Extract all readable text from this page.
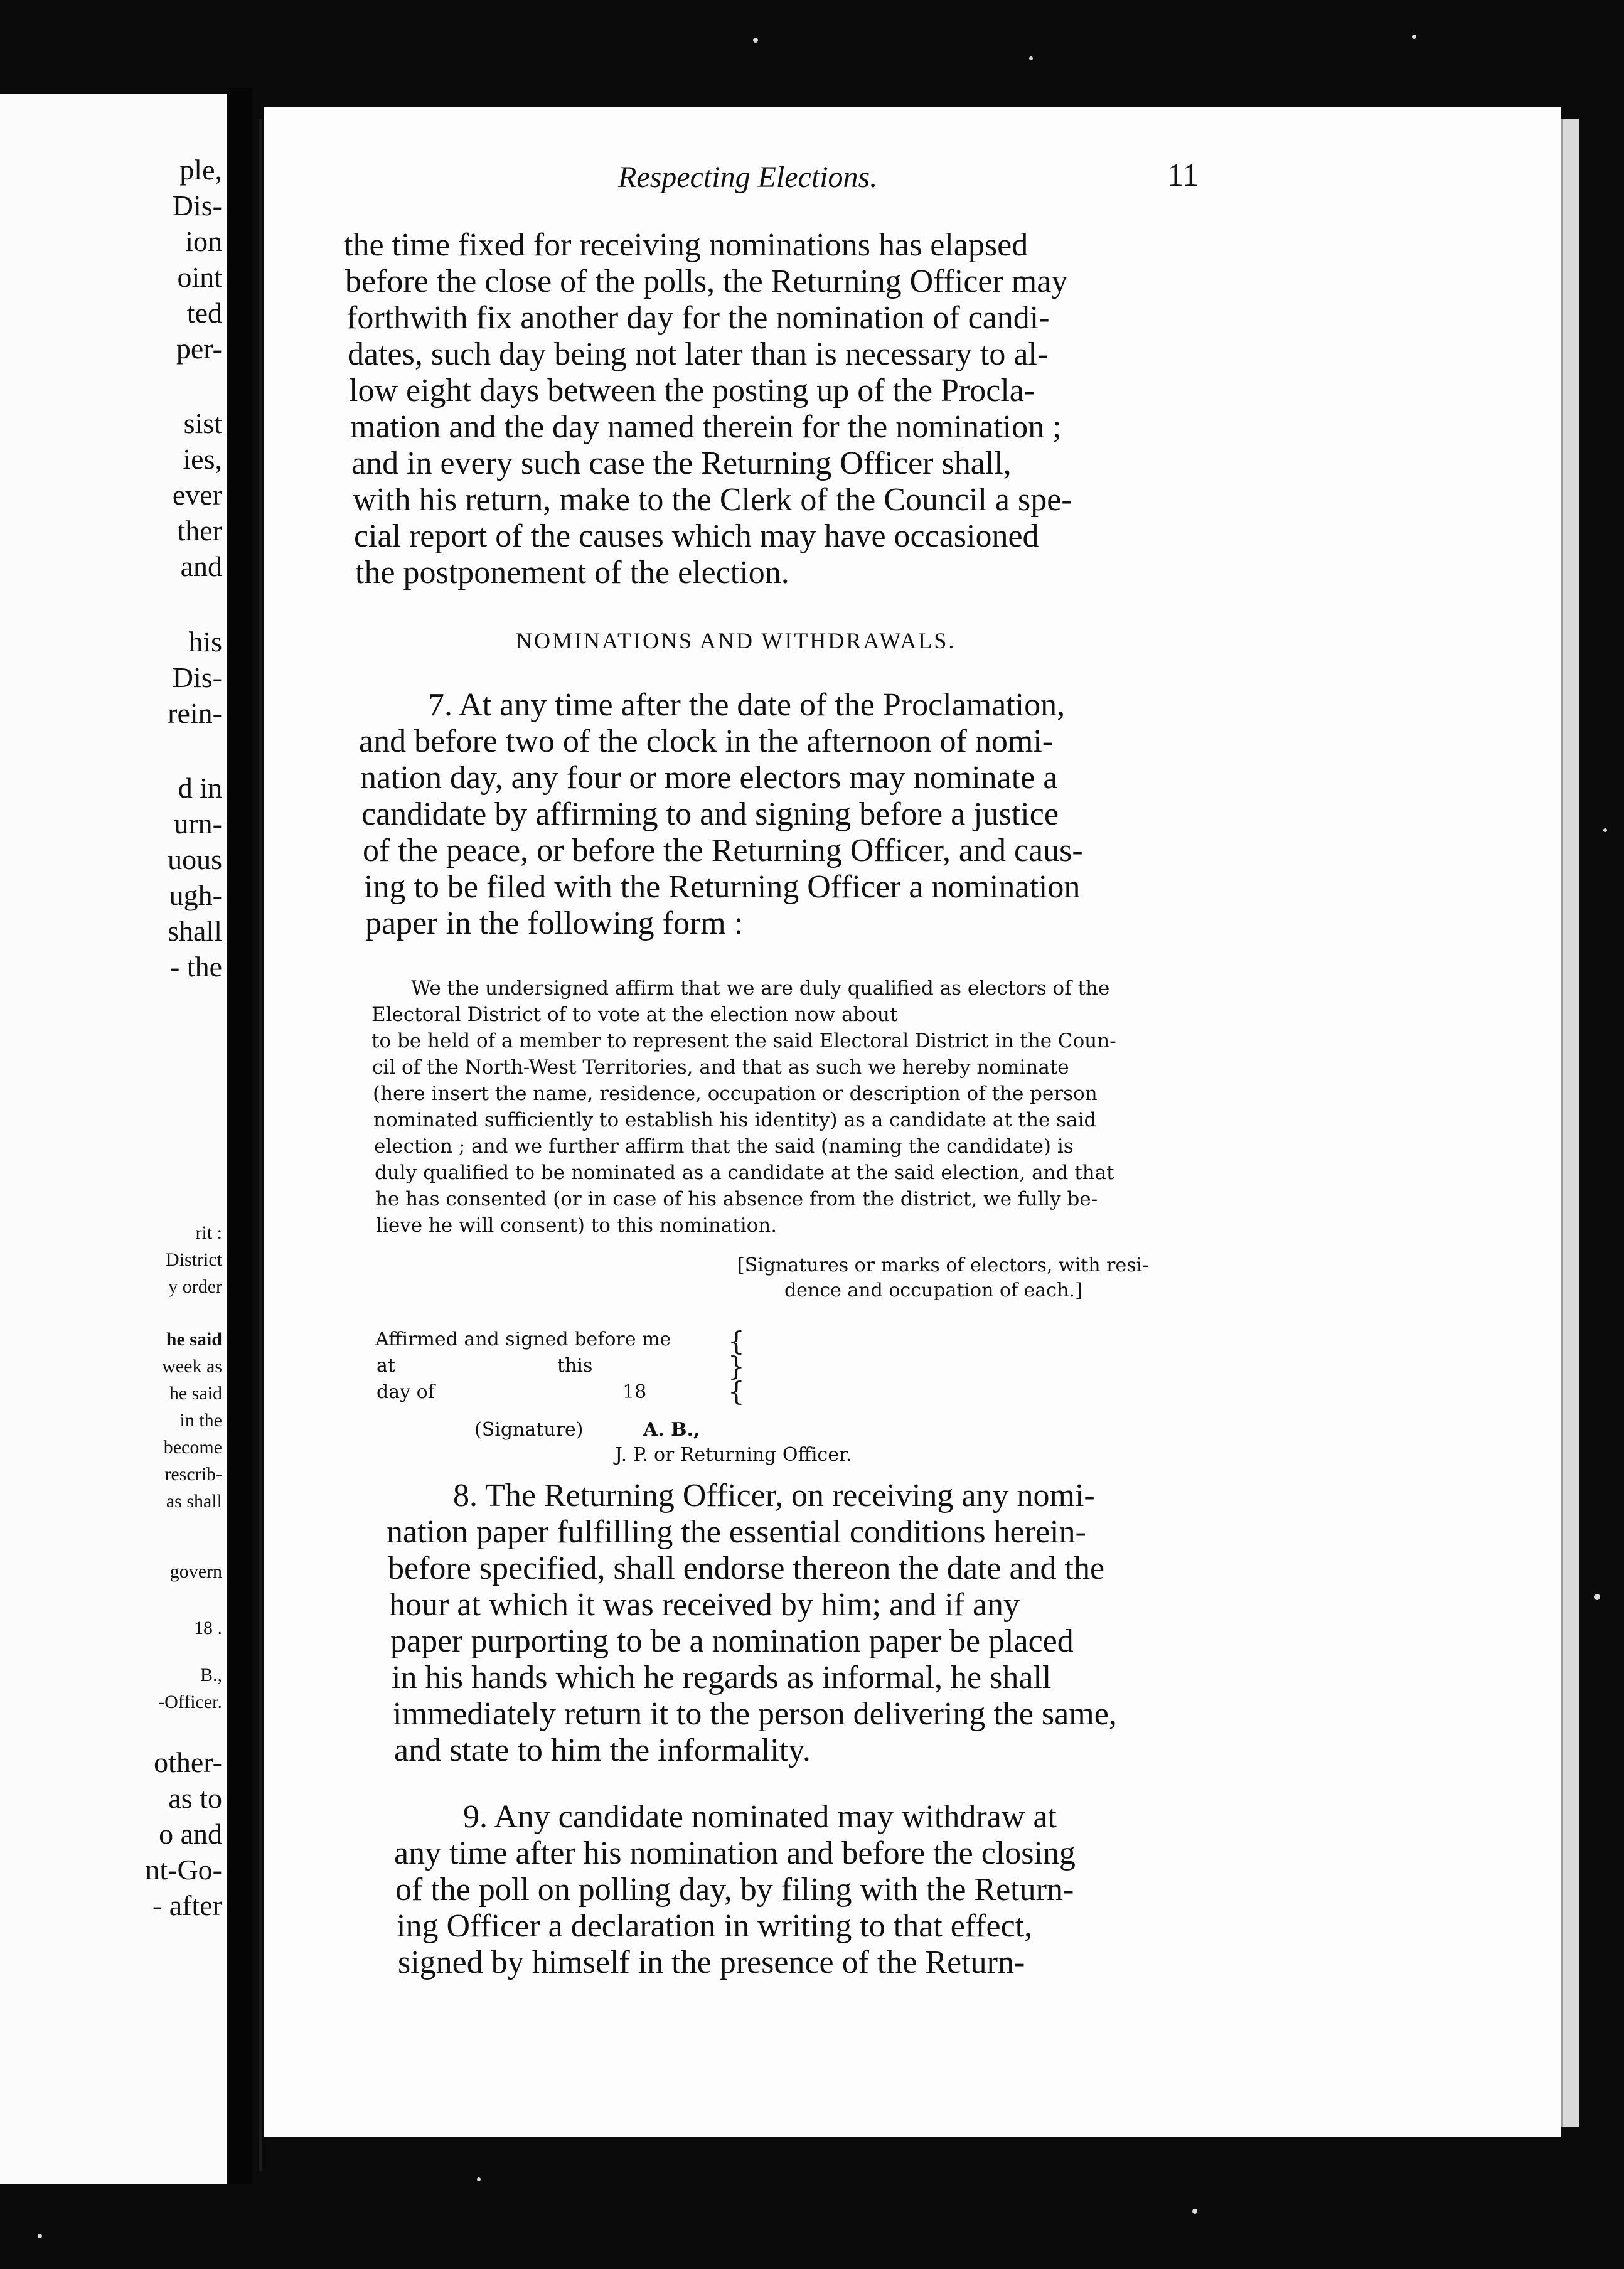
ple,
Dis-
ion
oint
ted
per-
sist
ies,
ever
ther
and
his
Dis-
rein-
d in
urn-
uous
ugh-
shall
- the
rit :
District
y order
he said
week as
he said
in the
become
rescrib-
as shall
govern
18 .
B.,
-Officer.
other-
as to
o and
nt-Go-
- after
Respecting Elections.	11
the time fixed for receiving nominations has elapsed
before the close of the polls, the Returning Officer may
forthwith fix another day for the nomination of candi-
dates, such day being not later than is necessary to al-
low eight days between the posting up of the Procla-
mation and the day named therein for the nomination ;
and in every such case the Returning Officer shall,
with his return, make to the Clerk of the Council a spe-
cial report of the causes which may have occasioned
the postponement of the election.
NOMINATIONS AND WITHDRAWALS.
7. At any time after the date of the Proclamation,
and before two of the clock in the afternoon of nomi-
nation day, any four or more electors may nominate a
candidate by affirming to and signing before a justice
of the peace, or before the Returning Officer, and caus-
ing to be filed with the Returning Officer a nomination
paper in the following form :
We the undersigned affirm that we are duly qualified as electors of the
Electoral District of to vote at the election now about
to be held of a member to represent the said Electoral District in the Coun-
cil of the North-West Territories, and that as such we hereby nominate
(here insert the name, residence, occupation or description of the person
nominated sufficiently to establish his identity) as a candidate at the said
election ; and we further affirm that the said (naming the candidate) is
duly qualified to be nominated as a candidate at the said election, and that
he has consented (or in case of his absence from the district, we fully be-
lieve he will consent) to this nomination.
[Signatures or marks of electors, with resi-
dence and occupation of each.]
Affirmed and signed before me
at	this
day of	18
{
}
{
(Signature)	A. B.,
J. P. or Returning Officer.
8. The Returning Officer, on receiving any nomi-
nation paper fulfilling the essential conditions herein-
before specified, shall endorse thereon the date and the
hour at which it was received by him; and if any
paper purporting to be a nomination paper be placed
in his hands which he regards as informal, he shall
immediately return it to the person delivering the same,
and state to him the informality.
9. Any candidate nominated may withdraw at
any time after his nomination and before the closing
of the poll on polling day, by filing with the Return-
ing Officer a declaration in writing to that effect,
signed by himself in the presence of the Return-
